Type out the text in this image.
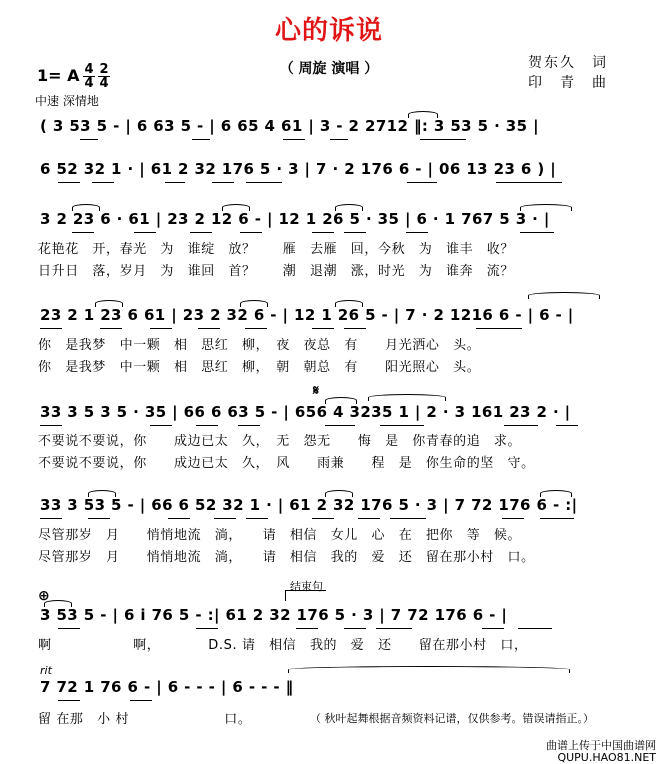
心的诉说
（ 周旋 演唱 ）	贺东久　词
印　青　曲
1= A 4
4
2
4
中速 深情地
( 3 53 5 - | 6 63 5 - | 6 65 4 61 | 3 - 2 2712 ‖: 3 53 5 · 35 |
6 52 32 1 · | 61 2 32 176 5 · 3 | 7 · 2 176 6 - | 06 13 23 6 ) |
3 2 23 6 · 61 | 23 2 12 6 - | 12 1 26 5 · 35 | 6 · 1 767 5 3 · |
花艳花　开，春光　为　谁绽　放？　　雁　去雁　回，今秋　为　谁丰　收？
日升日　落，岁月　为　谁回　首？　　潮　退潮　涨，时光　为　谁奔　流？
23 2 1 23 6 61 | 23 2 32 6 - | 12 1 26 5 - | 7 · 2 1216 6 - | 6 - |
你　是我梦　中一颗　相　思红　柳，　夜　夜总　有　　月光洒心　头。
你　是我梦　中一颗　相　思红　柳，　朝　朝总　有　　阳光照心　头。
𝄋
33 3 5 3 5 · 35 | 66 6 63 5 - | 656 4 3235 1 | 2 · 3 161 23 2 · |
不要说不要说，你　　成边已太　久，　无　怨无　　悔　是　你青春的追　求。
不要说不要说，你　　成边已太　久，　风　　雨兼　　程　是　你生命的坚　守。
33 3 53 5 - | 66 6 52 32 1 · | 61 2 32 176 5 · 3 | 7 72 176 6 - :|
尽管那岁　月　　悄悄地流　淌，　　请　相信　女儿　心　在　把你　等　候。
尽管那岁　月　　悄悄地流　淌，　　请　相信　我的　爱　还　留在那小村　口。
⊕
结束句
3 53 5 - | 6 i 76 5 - :| 61 2 32 176 5 · 3 | 7 72 176 6 - |
啊　　　　　　啊，　　　　D.S. 请　相信　我的　爱　还　　留在那小村　口，
rit
7 72 1 76 6 - | 6 - - - | 6 - - - ‖
留 在那　小 村　　　　　　　口。	（ 秋叶起舞根据音频资料记谱，仅供参考。错误请指正。）
曲谱上传于中国曲谱网
QUPU.HAO81.NET
